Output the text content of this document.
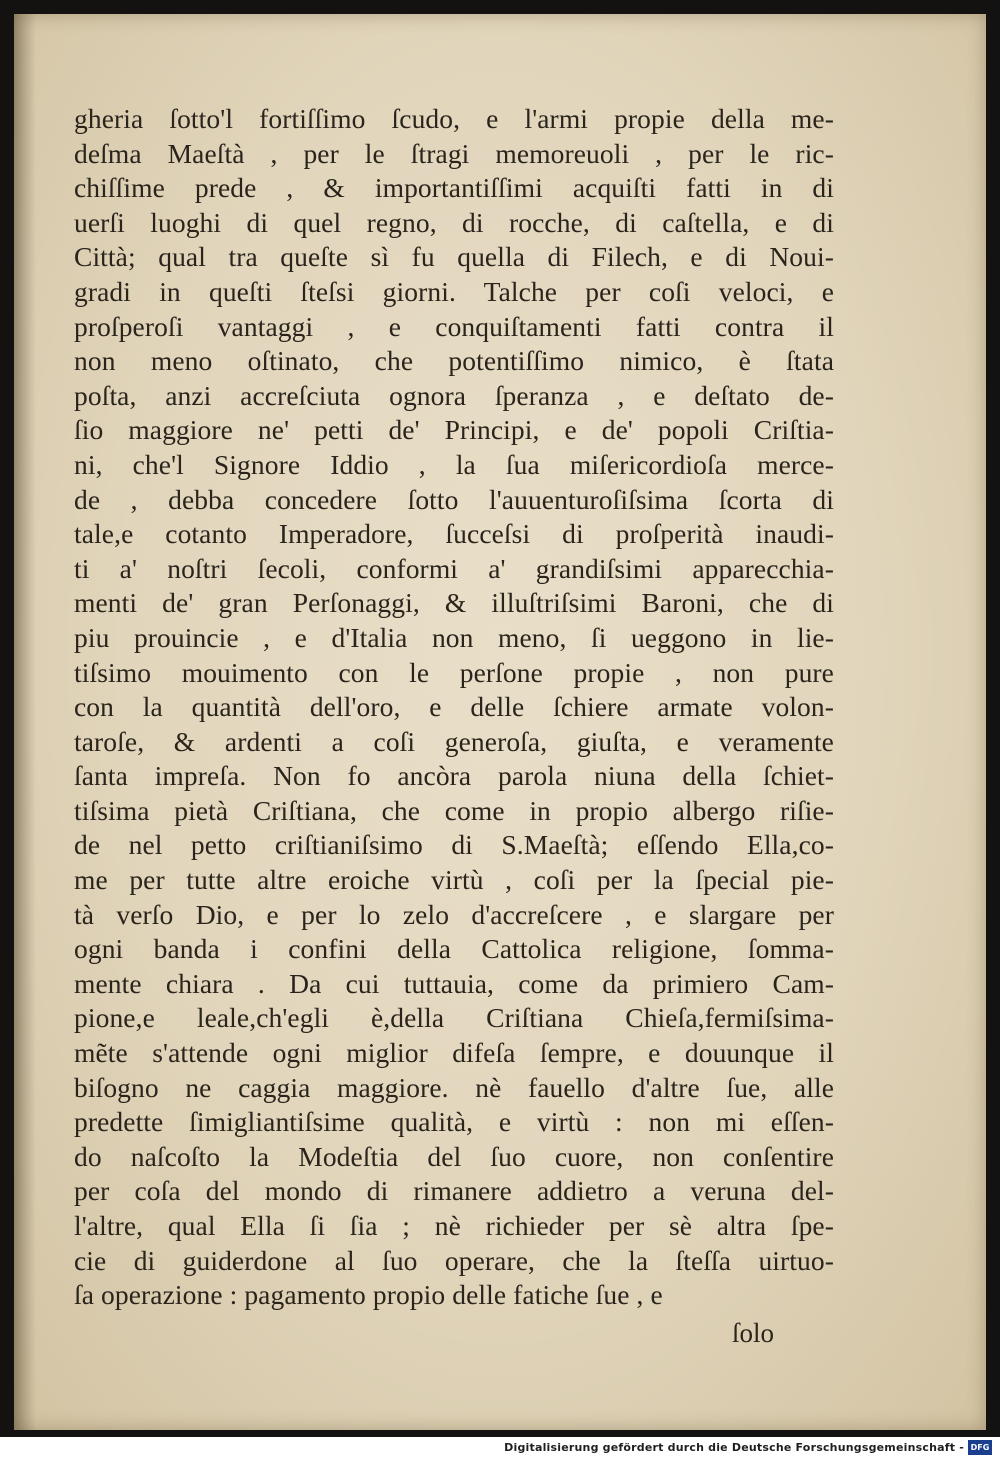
gheria ſotto'l fortiſſimo ſcudo, e l'armi propie della me-
deſma Maeſtà , per le ſtragi memoreuoli , per le ric-
chiſſime prede , & importantiſſimi acquiſti fatti in di
uerſi luoghi di quel regno, di rocche, di caſtella, e di
Città; qual tra queſte sì fu quella di Filech, e di Noui-
gradi in queſti ſteſsi giorni. Talche per coſi veloci, e
proſperoſi vantaggi , e conquiſtamenti fatti contra il
non meno oſtinato, che potentiſſimo nimico, è ſtata
poſta, anzi accreſciuta ognora ſperanza , e deſtato de-
ſio maggiore ne' petti de' Principi, e de' popoli Criſtia-
ni, che'l Signore Iddio , la ſua miſericordioſa merce-
de , debba concedere ſotto l'auuenturoſiſsima ſcorta di
tale,e cotanto Imperadore, ſucceſsi di proſperità inaudi-
ti a' noſtri ſecoli, conformi a' grandiſsimi apparecchia-
menti de' gran Perſonaggi, & illuſtriſsimi Baroni, che di
piu prouincie , e d'Italia non meno, ſi ueggono in lie-
tiſsimo mouimento con le perſone propie , non pure
con la quantità dell'oro, e delle ſchiere armate volon-
taroſe, & ardenti a coſi generoſa, giuſta, e veramente
ſanta impreſa. Non fo ancòra parola niuna della ſchiet-
tiſsima pietà Criſtiana, che come in propio albergo riſie-
de nel petto criſtianiſsimo di S.Maeſtà; eſſendo Ella,co-
me per tutte altre eroiche virtù , coſi per la ſpecial pie-
tà verſo Dio, e per lo zelo d'accreſcere , e slargare per
ogni banda i confini della Cattolica religione, ſomma-
mente chiara . Da cui tuttauia, come da primiero Cam-
pione,e leale,ch'egli è,della Criſtiana Chieſa,fermiſsima-
mẽte s'attende ogni miglior difeſa ſempre, e douunque il
biſogno ne caggia maggiore. nè fauello d'altre ſue, alle
predette ſimigliantiſsime qualità, e virtù : non mi eſſen-
do naſcoſto la Modeſtia del ſuo cuore, non conſentire
per coſa del mondo di rimanere addietro a veruna del-
l'altre, qual Ella ſi ſia ; nè richieder per sè altra ſpe-
cie di guiderdone al ſuo operare, che la ſteſſa uirtuo-
ſa operazione : pagamento propio delle fatiche ſue , e
ſolo
Digitalisierung gefördert durch die Deutsche Forschungsgemeinschaft - DFG
